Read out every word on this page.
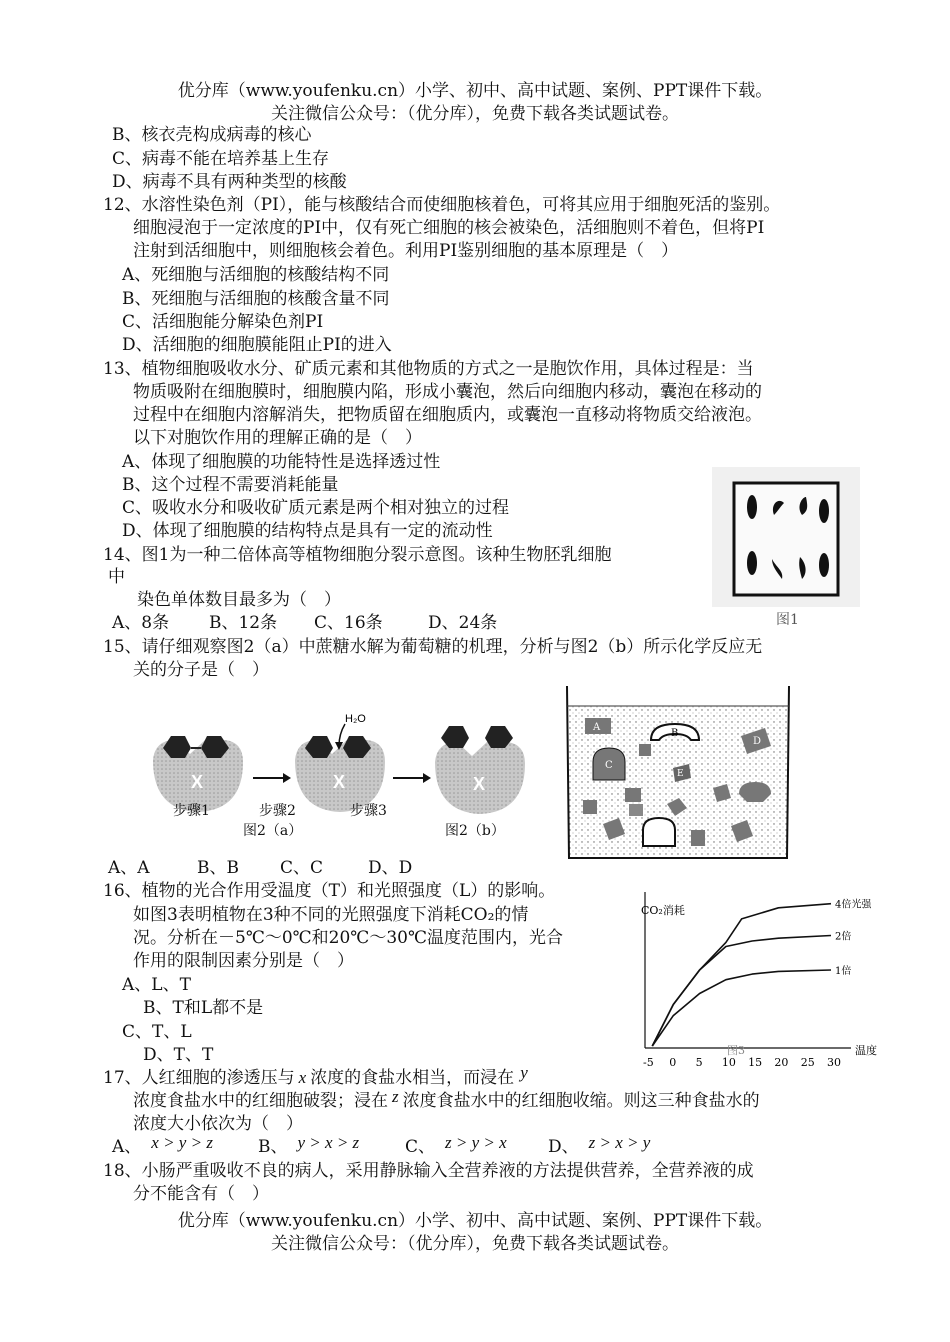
优分库（www.youfenku.cn）小学、初中、高中试题、案例、PPT课件下载。
关注微信公众号：（优分库），免费下载各类试题试卷。
B、核衣壳构成病毒的核心
C、病毒不能在培养基上生存
D、病毒不具有两种类型的核酸
12、水溶性染色剂（PI），能与核酸结合而使细胞核着色，可将其应用于细胞死活的鉴别。
细胞浸泡于一定浓度的PI中，仅有死亡细胞的核会被染色，活细胞则不着色，但将PI
注射到活细胞中，则细胞核会着色。利用PI鉴别细胞的基本原理是（　）
A、死细胞与活细胞的核酸结构不同
B、死细胞与活细胞的核酸含量不同
C、活细胞能分解染色剂PI
D、活细胞的细胞膜能阻止PI的进入
13、植物细胞吸收水分、矿质元素和其他物质的方式之一是胞饮作用，具体过程是：当
物质吸附在细胞膜时，细胞膜内陷，形成小囊泡，然后向细胞内移动，囊泡在移动的
过程中在细胞内溶解消失，把物质留在细胞质内，或囊泡一直移动将物质交给液泡。
以下对胞饮作用的理解正确的是（　）
A、体现了细胞膜的功能特性是选择透过性
B、这个过程不需要消耗能量
C、吸收水分和吸收矿质元素是两个相对独立的过程
D、体现了细胞膜的结构特点是具有一定的流动性
图1
14、图1为一种二倍体高等植物细胞分裂示意图。该种生物胚乳细胞
中
染色单体数目最多为（　）
A、8条 B、12条 C、16条	D、24条
15、请仔细观察图2（a）中蔗糖水解为葡萄糖的机理，分析与图2（b）所示化学反应无
关的分子是（　）
X
H₂O
X	X
步骤1	步骤2	步骤3
图2（a）	图2（b）
A
B
C
D
E
A、A	B、B C、C	D、D
16、植物的光合作用受温度（T）和光照强度（L）的影响。
如图3表明植物在3种不同的光照强度下消耗CO₂的情
况。分析在－5℃～0℃和20℃～30℃温度范围内，光合
作用的限制因素分别是（　）
A、L、T
B、T和L都不是
C、T、L
D、T、T
CO₂消耗
温度
图3
-5 0 5 10 15 20 25 30
4倍光强
2倍
1倍
17、人红细胞的渗透压与 x 浓度的食盐水相当，而浸在 y
浓度食盐水中的红细胞破裂；浸在 z 浓度食盐水中的红细胞收缩。则这三种食盐水的
浓度大小依次为（　）
A、 x > y > z	B、 y > x > z	C、 z > y > x D、 z > x > y
18、小肠严重吸收不良的病人，采用静脉输入全营养液的方法提供营养，全营养液的成
分不能含有（　）
优分库（www.youfenku.cn）小学、初中、高中试题、案例、PPT课件下载。
关注微信公众号：（优分库），免费下载各类试题试卷。
